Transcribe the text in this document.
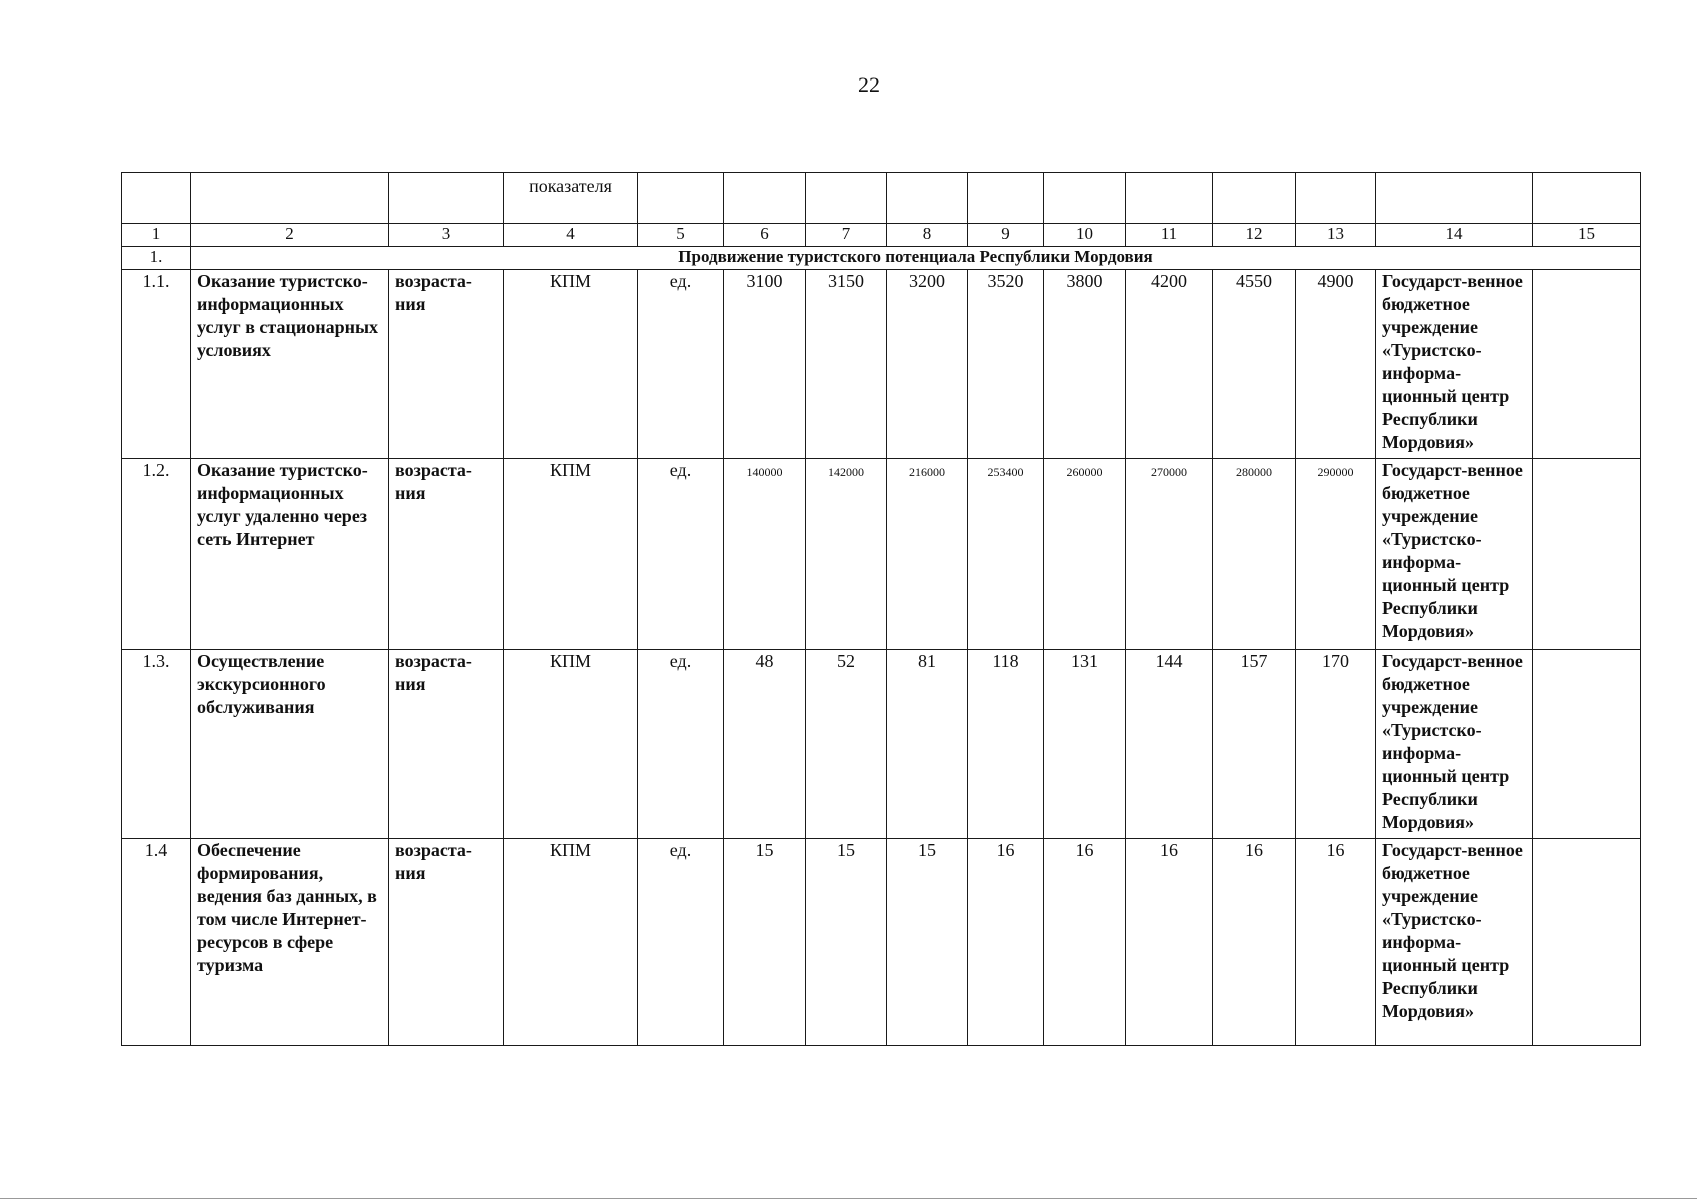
22
			показателя											
1	2	3	4	5	6	7	8	9	10	11	12	13	14	15
1.	Продвижение туристского потенциала Республики Мордовия													
1.1.	Оказание туристско-информационных услуг в стационарных условиях	возраста-ния	КПМ	ед.	3100	3150	3200	3520	3800	4200	4550	4900	Государст-венное бюджетное учреждение «Туристско-информа-ционный центр Республики Мордовия»	
1.2.	Оказание туристско-информационных услуг удаленно через сеть Интернет	возраста-ния	КПМ	ед.	140000	142000	216000	253400	260000	270000	280000	290000	Государст-венное бюджетное учреждение «Туристско-информа-ционный центр Республики Мордовия»	
1.3.	Осуществление экскурсионного обслуживания	возраста-ния	КПМ	ед.	48	52	81	118	131	144	157	170	Государст-венное бюджетное учреждение «Туристско-информа-ционный центр Республики Мордовия»	
1.4	Обеспечение формирования, ведения баз данных, в том числе Интернет-ресурсов в сфере туризма	возраста-ния	КПМ	ед.	15	15	15	16	16	16	16	16	Государст-венное бюджетное учреждение «Туристско-информа-ционный центр Республики Мордовия»	
